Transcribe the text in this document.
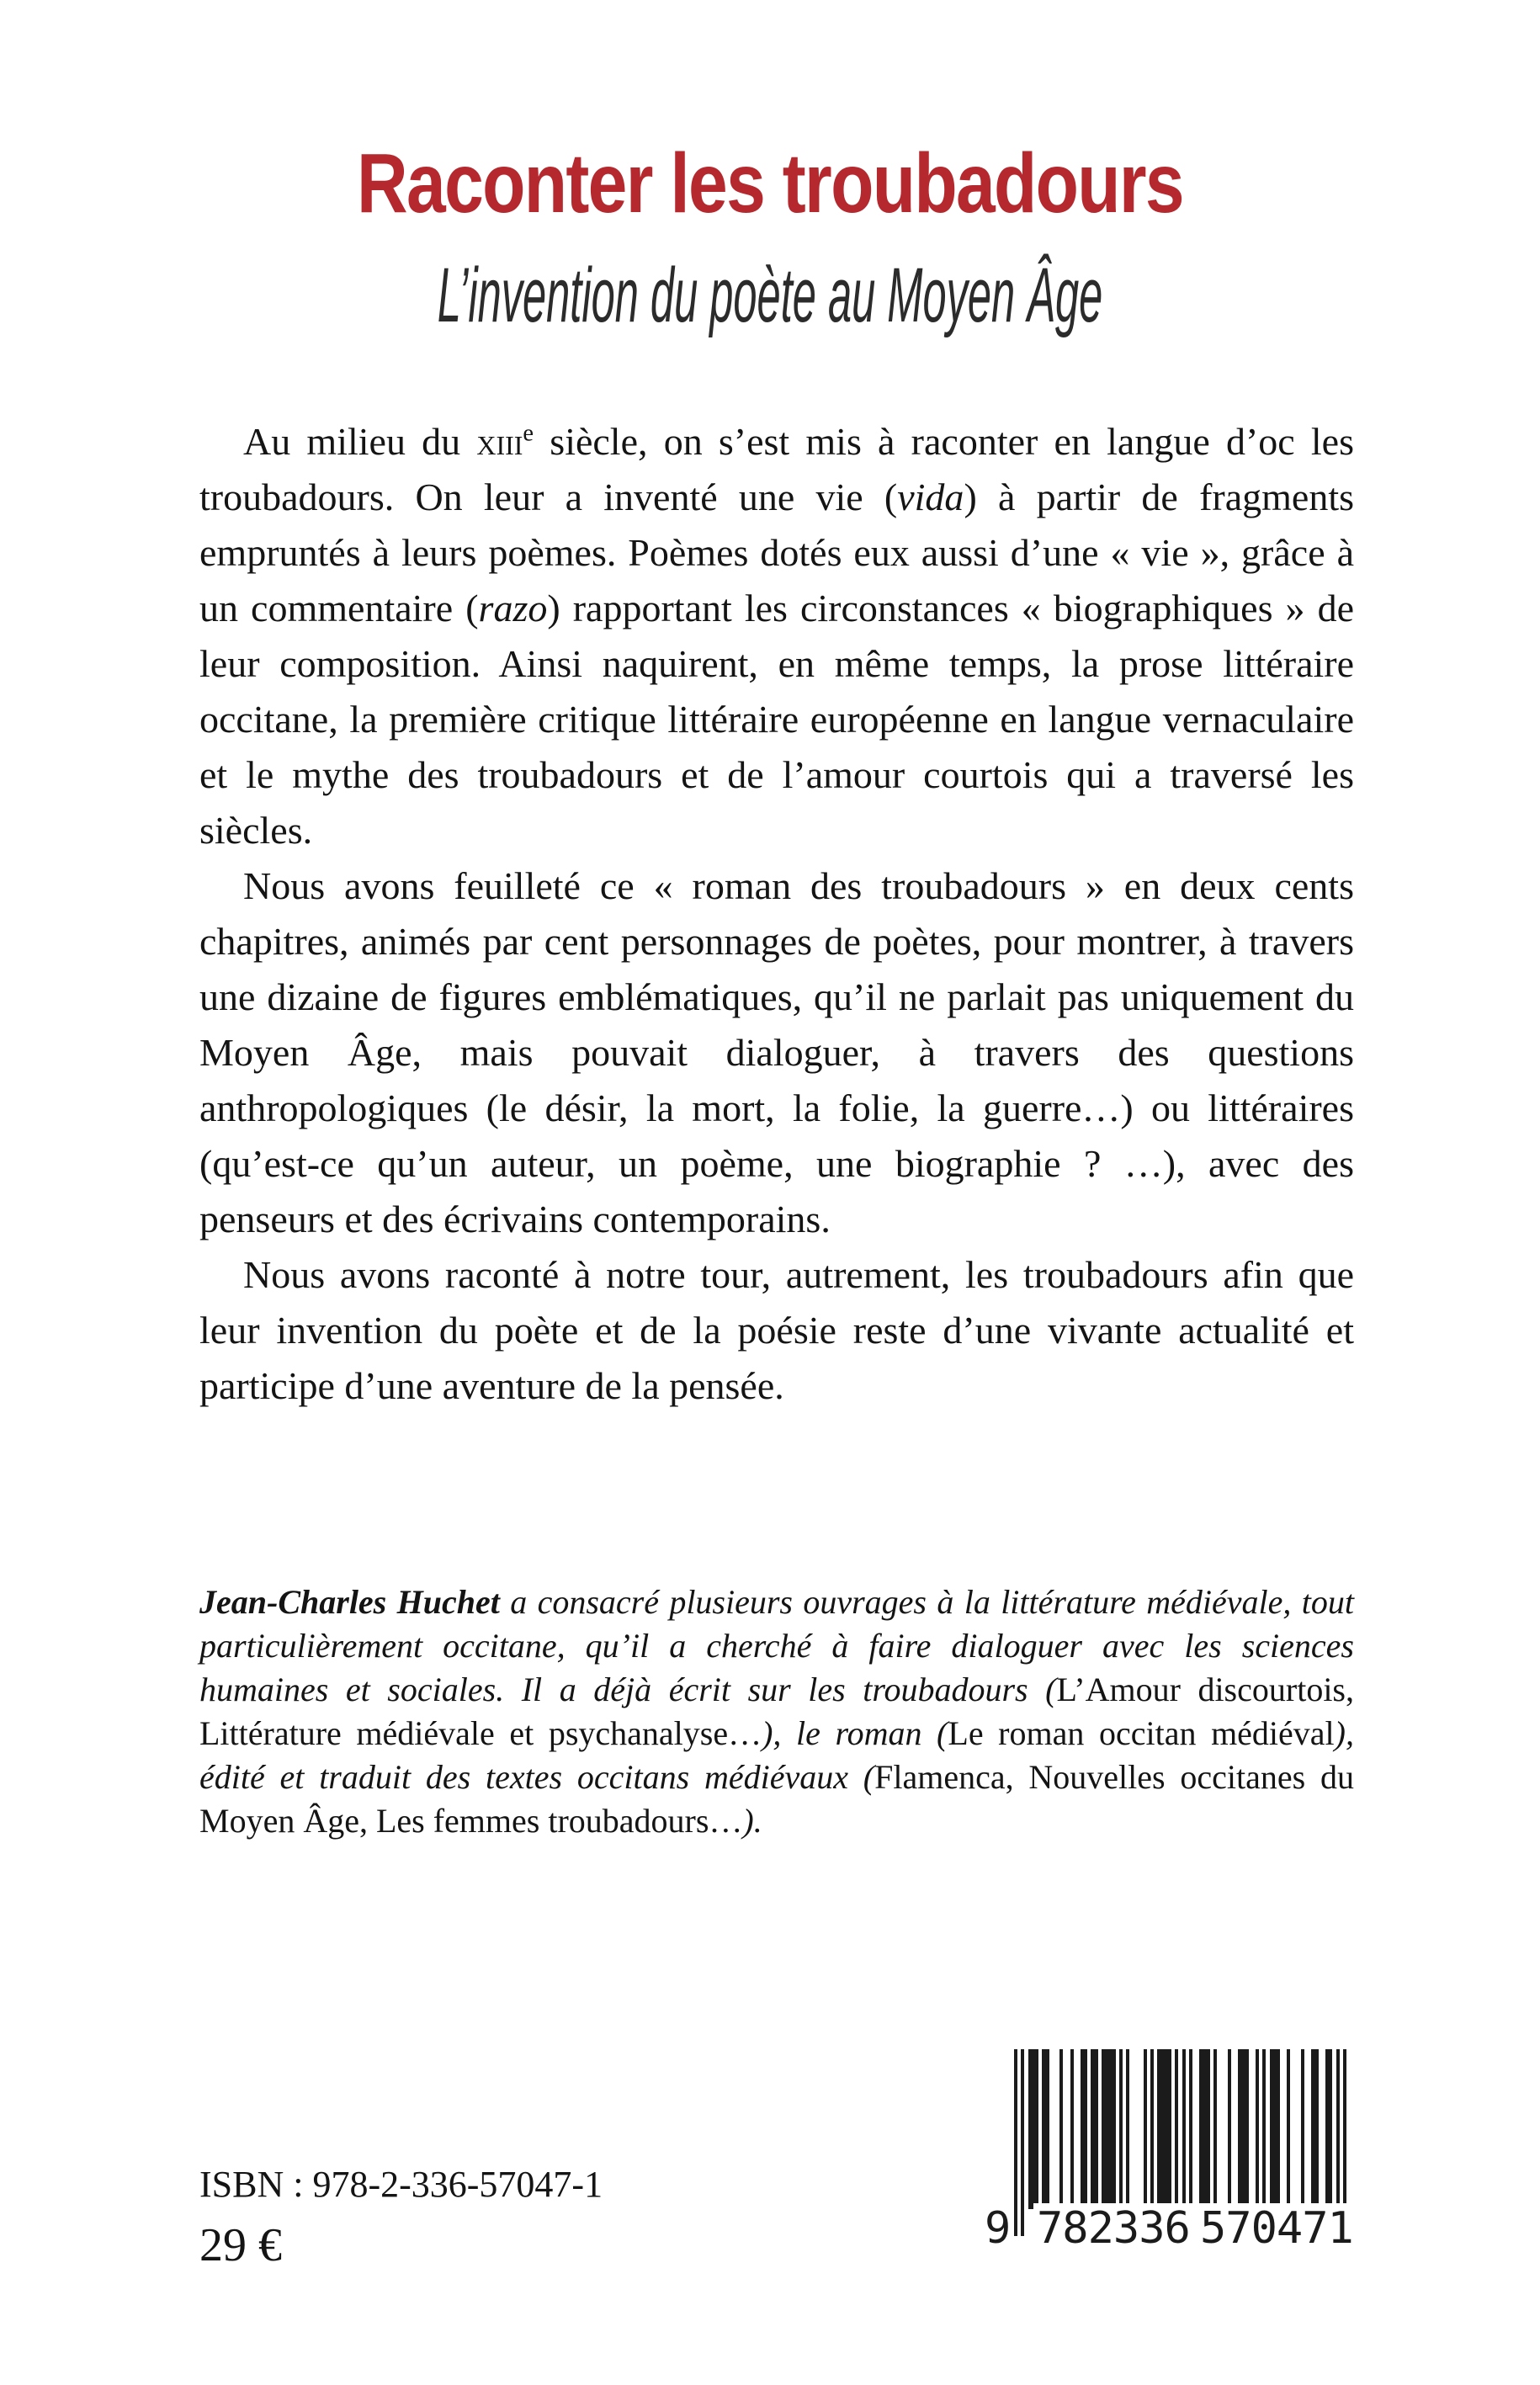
Raconter les troubadours
L’invention du poète au Moyen Âge

Au milieu du xiii$^e$ siècle, on s’est mis à raconter en langue d’oc les troubadours. On leur a inventé une vie (vida) à partir de fragments empruntés à leurs poèmes. Poèmes dotés eux aussi d’une « vie », grâce à un commentaire (razo) rapportant les circonstances « biographiques » de leur composition. Ainsi naquirent, en même temps, la prose littéraire occitane, la première critique littéraire européenne en langue vernaculaire et le mythe des troubadours et de l’amour courtois qui a traversé les siècles.

Nous avons feuilleté ce « roman des troubadours » en deux cents chapitres, animés par cent personnages de poètes, pour montrer, à travers une dizaine de figures emblématiques, qu’il ne parlait pas uniquement du Moyen Âge, mais pouvait dialoguer, à travers des questions anthropologiques (le désir, la mort, la folie, la guerre…) ou littéraires (qu’est-ce qu’un auteur, un poème, une biographie ? …), avec des penseurs et des écrivains contemporains.

Nous avons raconté à notre tour, autrement, les troubadours afin que leur invention du poète et de la poésie reste d’une vivante actualité et participe d’une aventure de la pensée.

Jean-Charles Huchet a consacré plusieurs ouvrages à la littérature médiévale, tout particulièrement occitane, qu’il a cherché à faire dialoguer avec les sciences humaines et sociales. Il a déjà écrit sur les troubadours (L’Amour discourtois, Littérature médiévale et psychanalyse…), le roman (Le roman occitan médiéval), édité et traduit des textes occitans médiévaux (Flamenca, Nouvelles occitanes du Moyen Âge, Les femmes troubadours…).

9 782336 570471
ISBN : 978-2-336-57047-1
29 €
